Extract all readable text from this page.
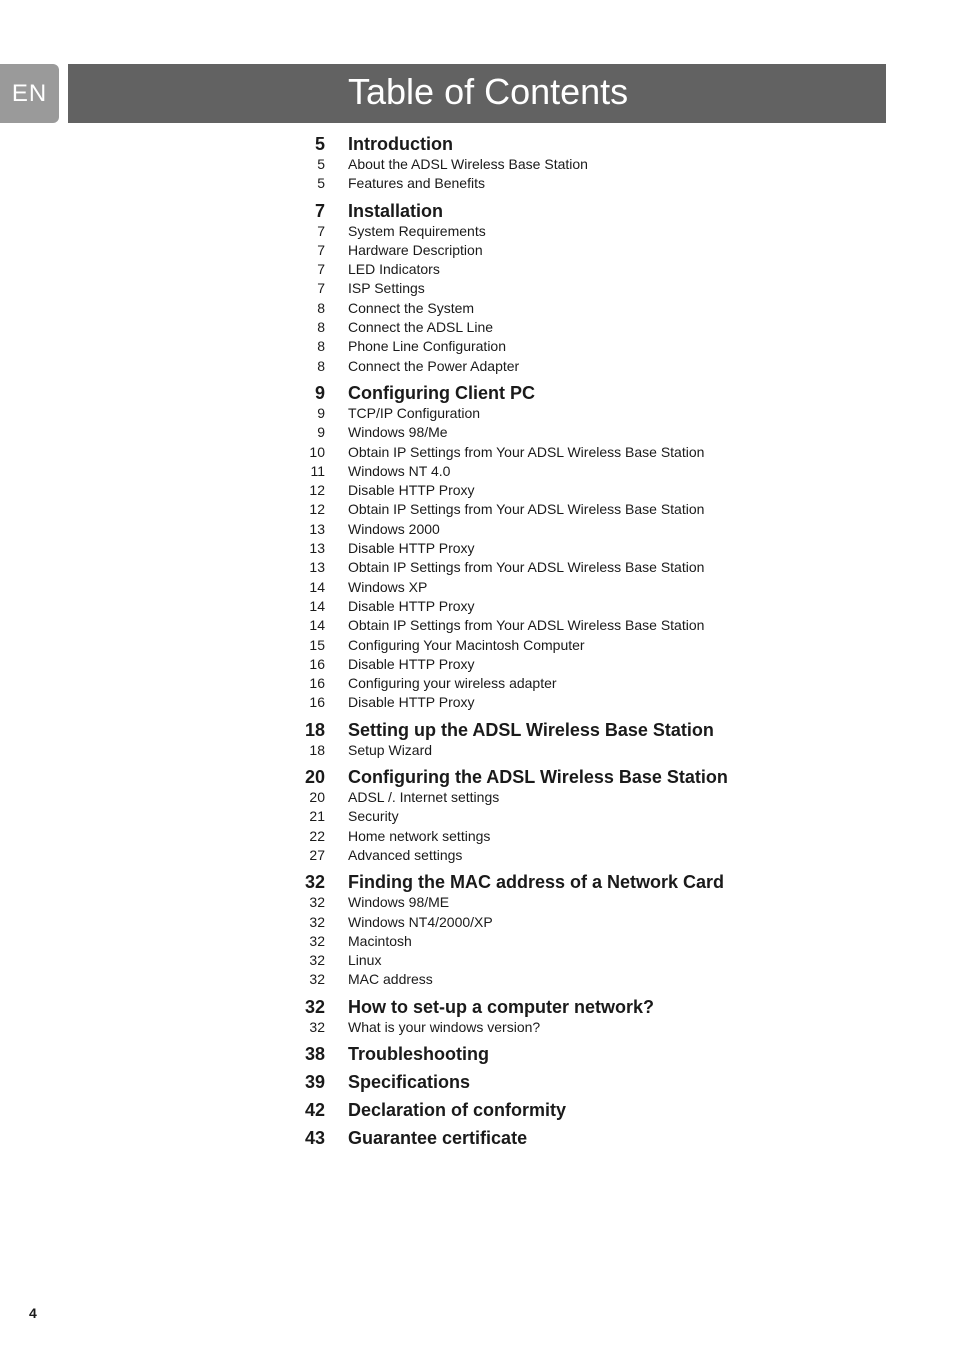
EN	Table of Contents
5 Introduction
5 About the ADSL Wireless Base Station
5 Features and Benefits
7 Installation
7 System Requirements
7 Hardware Description
7 LED Indicators
7 ISP Settings
8 Connect the System
8 Connect the ADSL Line
8 Phone Line Configuration
8 Connect the Power Adapter
9 Configuring Client PC
9 TCP/IP Configuration
9 Windows 98/Me
10 Obtain IP Settings from Your ADSL Wireless Base Station
11 Windows NT 4.0
12 Disable HTTP Proxy
12 Obtain IP Settings from Your ADSL Wireless Base Station
13 Windows 2000
13 Disable HTTP Proxy
13 Obtain IP Settings from Your ADSL Wireless Base Station
14 Windows XP
14 Disable HTTP Proxy
14 Obtain IP Settings from Your ADSL Wireless Base Station
15 Configuring Your Macintosh Computer
16 Disable HTTP Proxy
16 Configuring your wireless adapter
16 Disable HTTP Proxy
18 Setting up the ADSL Wireless Base Station
18 Setup Wizard
20 Configuring the ADSL Wireless Base Station
20 ADSL /. Internet settings
21 Security
22 Home network settings
27 Advanced settings
32 Finding the MAC address of a Network Card
32 Windows 98/ME
32 Windows NT4/2000/XP
32 Macintosh
32 Linux
32 MAC address
32 How to set-up a computer network?
32 What is your windows version?
38 Troubleshooting
39 Specifications
42 Declaration of conformity
43 Guarantee certificate
4
